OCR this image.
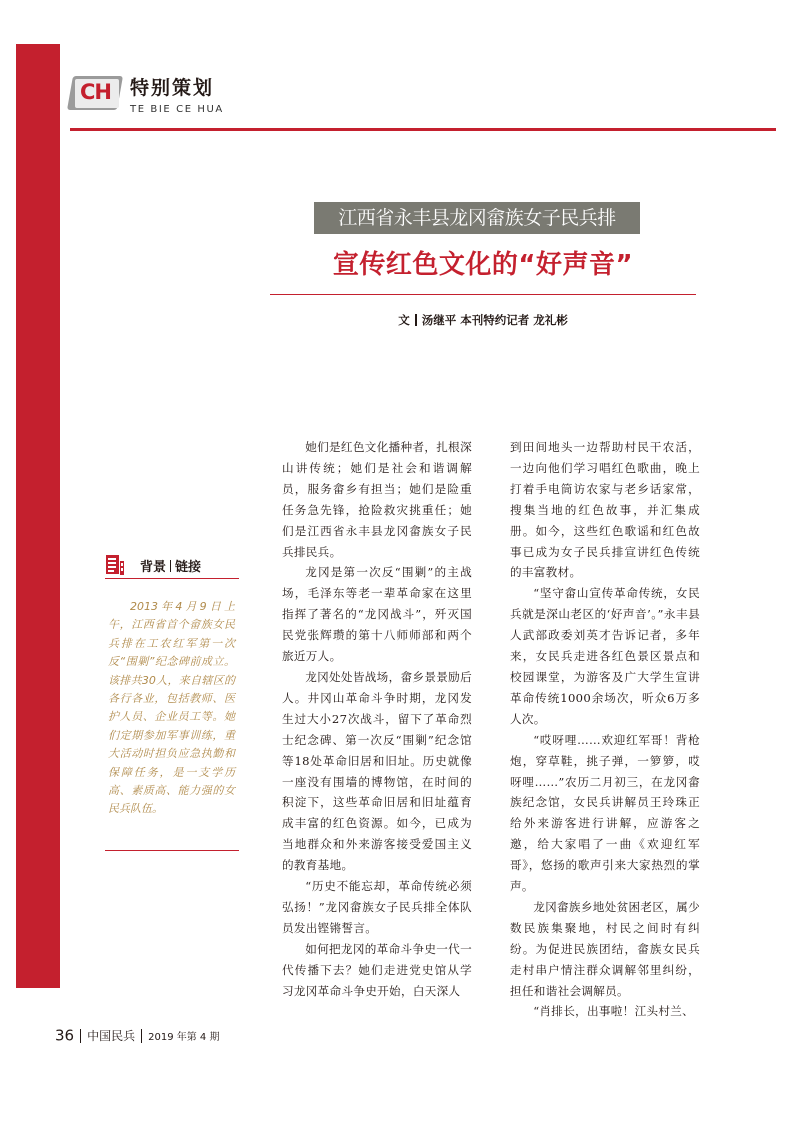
CH 特别策划
TE BIE CE HUA
江西省永丰县龙冈畲族女子民兵排
宣传红色文化的“好声音”
文 汤继平 本刊特约记者 龙礼彬
背景 链接

2013年4月9日上午，江西省首个畲族女民兵排在工农红军第一次反“围剿”纪念碑前成立。该排共30人，来自辖区的各行各业，包括教师、医护人员、企业员工等。她们定期参加军事训练，重大活动时担负应急执勤和保障任务，是一支学历高、素质高、能力强的女民兵队伍。

她们是红色文化播种者，扎根深山讲传统；她们是社会和谐调解员，服务畲乡有担当；她们是险重任务急先锋，抢险救灾挑重任；她们是江西省永丰县龙冈畲族女子民兵排民兵。

龙冈是第一次反“围剿”的主战场，毛泽东等老一辈革命家在这里指挥了著名的“龙冈战斗”，歼灭国民党张辉瓒的第十八师师部和两个旅近万人。

龙冈处处皆战场，畲乡景景励后人。井冈山革命斗争时期，龙冈发生过大小27次战斗，留下了革命烈士纪念碑、第一次反“围剿”纪念馆等18处革命旧居和旧址。历史就像一座没有围墙的博物馆，在时间的积淀下，这些革命旧居和旧址蕴育成丰富的红色资源。如今，已成为当地群众和外来游客接受爱国主义的教育基地。

“历史不能忘却，革命传统必须弘扬！”龙冈畲族女子民兵排全体队员发出铿锵誓言。

如何把龙冈的革命斗争史一代一代传播下去？她们走进党史馆从学习龙冈革命斗争史开始，白天深人

到田间地头一边帮助村民干农活，一边向他们学习唱红色歌曲，晚上打着手电筒访农家与老乡话家常，搜集当地的红色故事，并汇集成册。如今，这些红色歌谣和红色故事已成为女子民兵排宣讲红色传统的丰富教材。

“坚守畲山宣传革命传统，女民兵就是深山老区的‘好声音’。”永丰县人武部政委刘英才告诉记者，多年来，女民兵走进各红色景区景点和校园课堂，为游客及广大学生宣讲革命传统1000余场次，听众6万多人次。

“哎呀哩……欢迎红军哥！背枪炮，穿草鞋，挑子弹，一箩箩，哎呀哩……”农历二月初三，在龙冈畲族纪念馆，女民兵讲解员王玲珠正给外来游客进行讲解，应游客之邀，给大家唱了一曲《欢迎红军哥》，悠扬的歌声引来大家热烈的掌声。

龙冈畲族乡地处贫困老区，属少数民族集聚地，村民之间时有纠纷。为促进民族团结，畲族女民兵走村串户情注群众调解邻里纠纷，担任和谐社会调解员。

“肖排长，出事啦！江头村兰、

36 中国民兵 2019 年第 4 期
